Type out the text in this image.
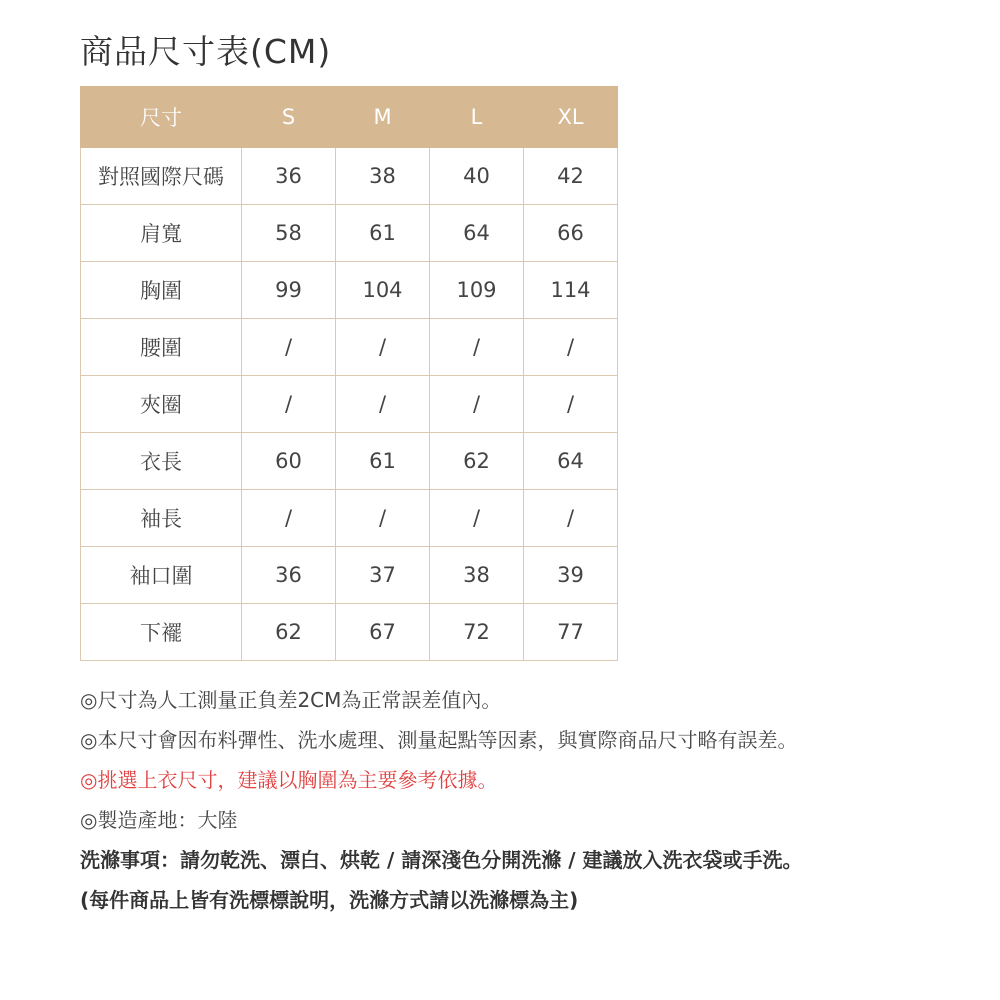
商品尺寸表(CM)
尺寸	S	M	L	XL
對照國際尺碼	36	38	40	42
肩寬	58	61	64	66
胸圍	99	104	109	114
腰圍	/	/	/	/
夾圈	/	/	/	/
衣長	60	61	62	64
袖長	/	/	/	/
袖口圍	36	37	38	39
下襬	62	67	72	77
◎尺寸為人工測量正負差2CM為正常誤差值內。
◎本尺寸會因布料彈性、洗水處理、測量起點等因素，與實際商品尺寸略有誤差。
◎挑選上衣尺寸，建議以胸圍為主要參考依據。
◎製造產地：大陸
洗滌事項：請勿乾洗、漂白、烘乾 / 請深淺色分開洗滌 / 建議放入洗衣袋或手洗。
(每件商品上皆有洗標標說明，洗滌方式請以洗滌標為主)
